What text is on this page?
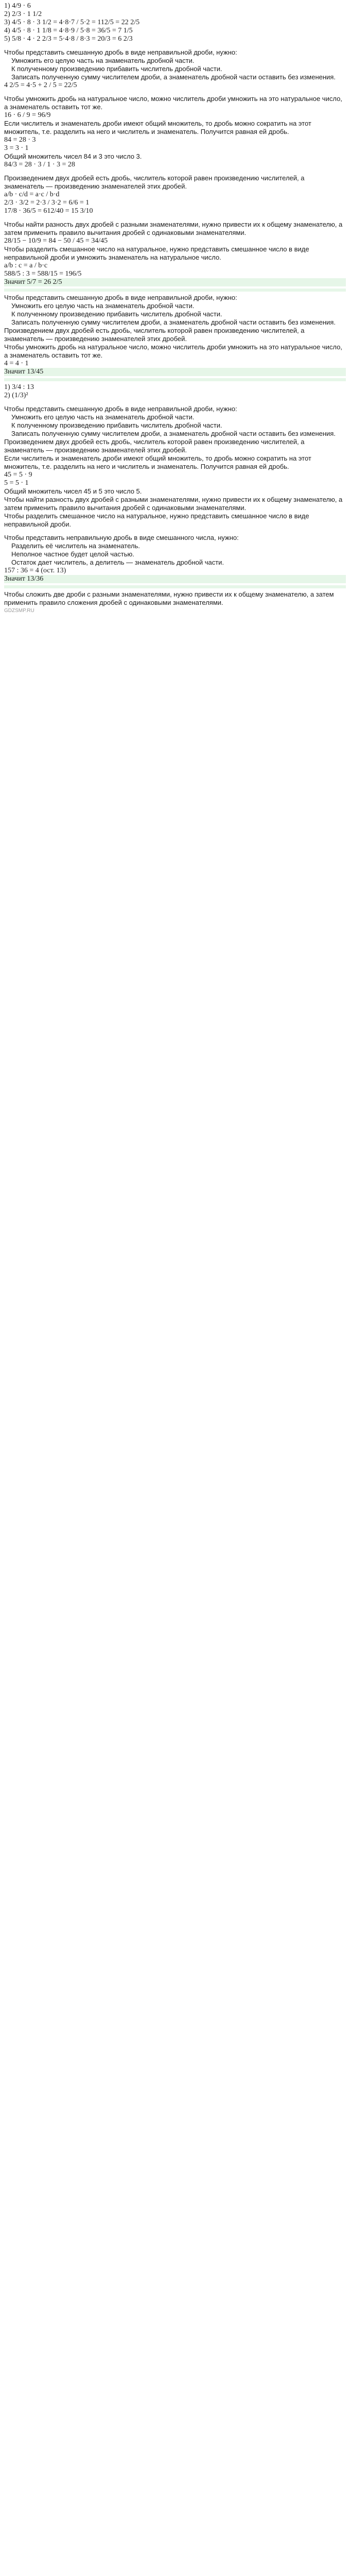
1) 4/9 · 6
2) 2/3 · 1 1/2
3) 4/5 · 8 · 3 1/2 = 4·8·7 / 5·2 = 112/5 = 22 2/5
4) 4/5 · 8 · 1 1/8 = 4·8·9 / 5·8 = 36/5 = 7 1/5
5) 5/8 · 4 · 2 2/3 = 5·4·8 / 8·3 = 20/3 = 6 2/3
Чтобы представить смешанную дробь в виде неправильной дроби, нужно:
Умножить его целую часть на знаменатель дробной части.
К полученному произведению прибавить числитель дробной части.
Записать полученную сумму числителем дроби, а знаменатель дробной части оставить без изменения.
4 2/5 = 4·5 + 2 / 5 = 22/5
Чтобы умножить дробь на натуральное число, можно числитель дроби умножить на это натуральное число, а знаменатель оставить тот же.
16 · 6 / 9 = 96/9
Если числитель и знаменатель дроби имеют общий множитель, то дробь можно сократить на этот множитель, т.е. разделить на него и числитель и знаменатель. Получится равная ей дробь.
84 = 28 · 3
3 = 3 · 1
Общий множитель чисел 84 и 3 это число 3.
84/3 = 28 · 3 / 1 · 3 = 28
Произведением двух дробей есть дробь, числитель которой равен произведению числителей, а знаменатель — произведению знаменателей этих дробей.
a/b · c/d = a·c / b·d
2/3 · 3/2 = 2·3 / 3·2 = 6/6 = 1
17/8 · 36/5 = 612/40 = 15 3/10
Чтобы найти разность двух дробей с разными знаменателями, нужно привести их к общему знаменателю, а затем применить правило вычитания дробей с одинаковыми знаменателями.
28/15 − 10/9 = 84 − 50 / 45 = 34/45
Чтобы разделить смешанное число на натуральное, нужно представить смешанное число в виде неправильной дроби и умножить знаменатель на натуральное число.
a/b : c = a / b·c
588/5 : 3 = 588/15 = 196/5
Значит 5/7 = 26 2/5
Чтобы представить смешанную дробь в виде неправильной дроби, нужно:
Умножить его целую часть на знаменатель дробной части.
К полученному произведению прибавить числитель дробной части.
Записать полученную сумму числителем дроби, а знаменатель дробной части оставить без изменения.
Произведением двух дробей есть дробь, числитель которой равен произведению числителей, а знаменатель — произведению знаменателей этих дробей.
Чтобы умножить дробь на натуральное число, можно числитель дроби умножить на это натуральное число, а знаменатель оставить тот же.
4 = 4 · 1
Значит 13/45
1) 3/4 : 13
2) (1/3)²
Чтобы представить смешанную дробь в виде неправильной дроби, нужно:
Умножить его целую часть на знаменатель дробной части.
К полученному произведению прибавить числитель дробной части.
Записать полученную сумму числителем дроби, а знаменатель дробной части оставить без изменения.
Произведением двух дробей есть дробь, числитель которой равен произведению числителей, а знаменатель — произведению знаменателей этих дробей.
Если числитель и знаменатель дроби имеют общий множитель, то дробь можно сократить на этот множитель, т.е. разделить на него и числитель и знаменатель. Получится равная ей дробь.
45 = 5 · 9
5 = 5 · 1
Общий множитель чисел 45 и 5 это число 5.
Чтобы найти разность двух дробей с разными знаменателями, нужно привести их к общему знаменателю, а затем применить правило вычитания дробей с одинаковыми знаменателями.
Чтобы разделить смешанное число на натуральное, нужно представить смешанное число в виде неправильной дроби.
Чтобы представить неправильную дробь в виде смешанного числа, нужно:
Разделить её числитель на знаменатель.
Неполное частное будет целой частью.
Остаток дает числитель, а делитель — знаменатель дробной части.
157 : 36 = 4 (ост. 13)
Значит 13/36
Чтобы сложить две дроби с разными знаменателями, нужно привести их к общему знаменателю, а затем применить правило сложения дробей с одинаковыми знаменателями.
GDZSMP.RU
